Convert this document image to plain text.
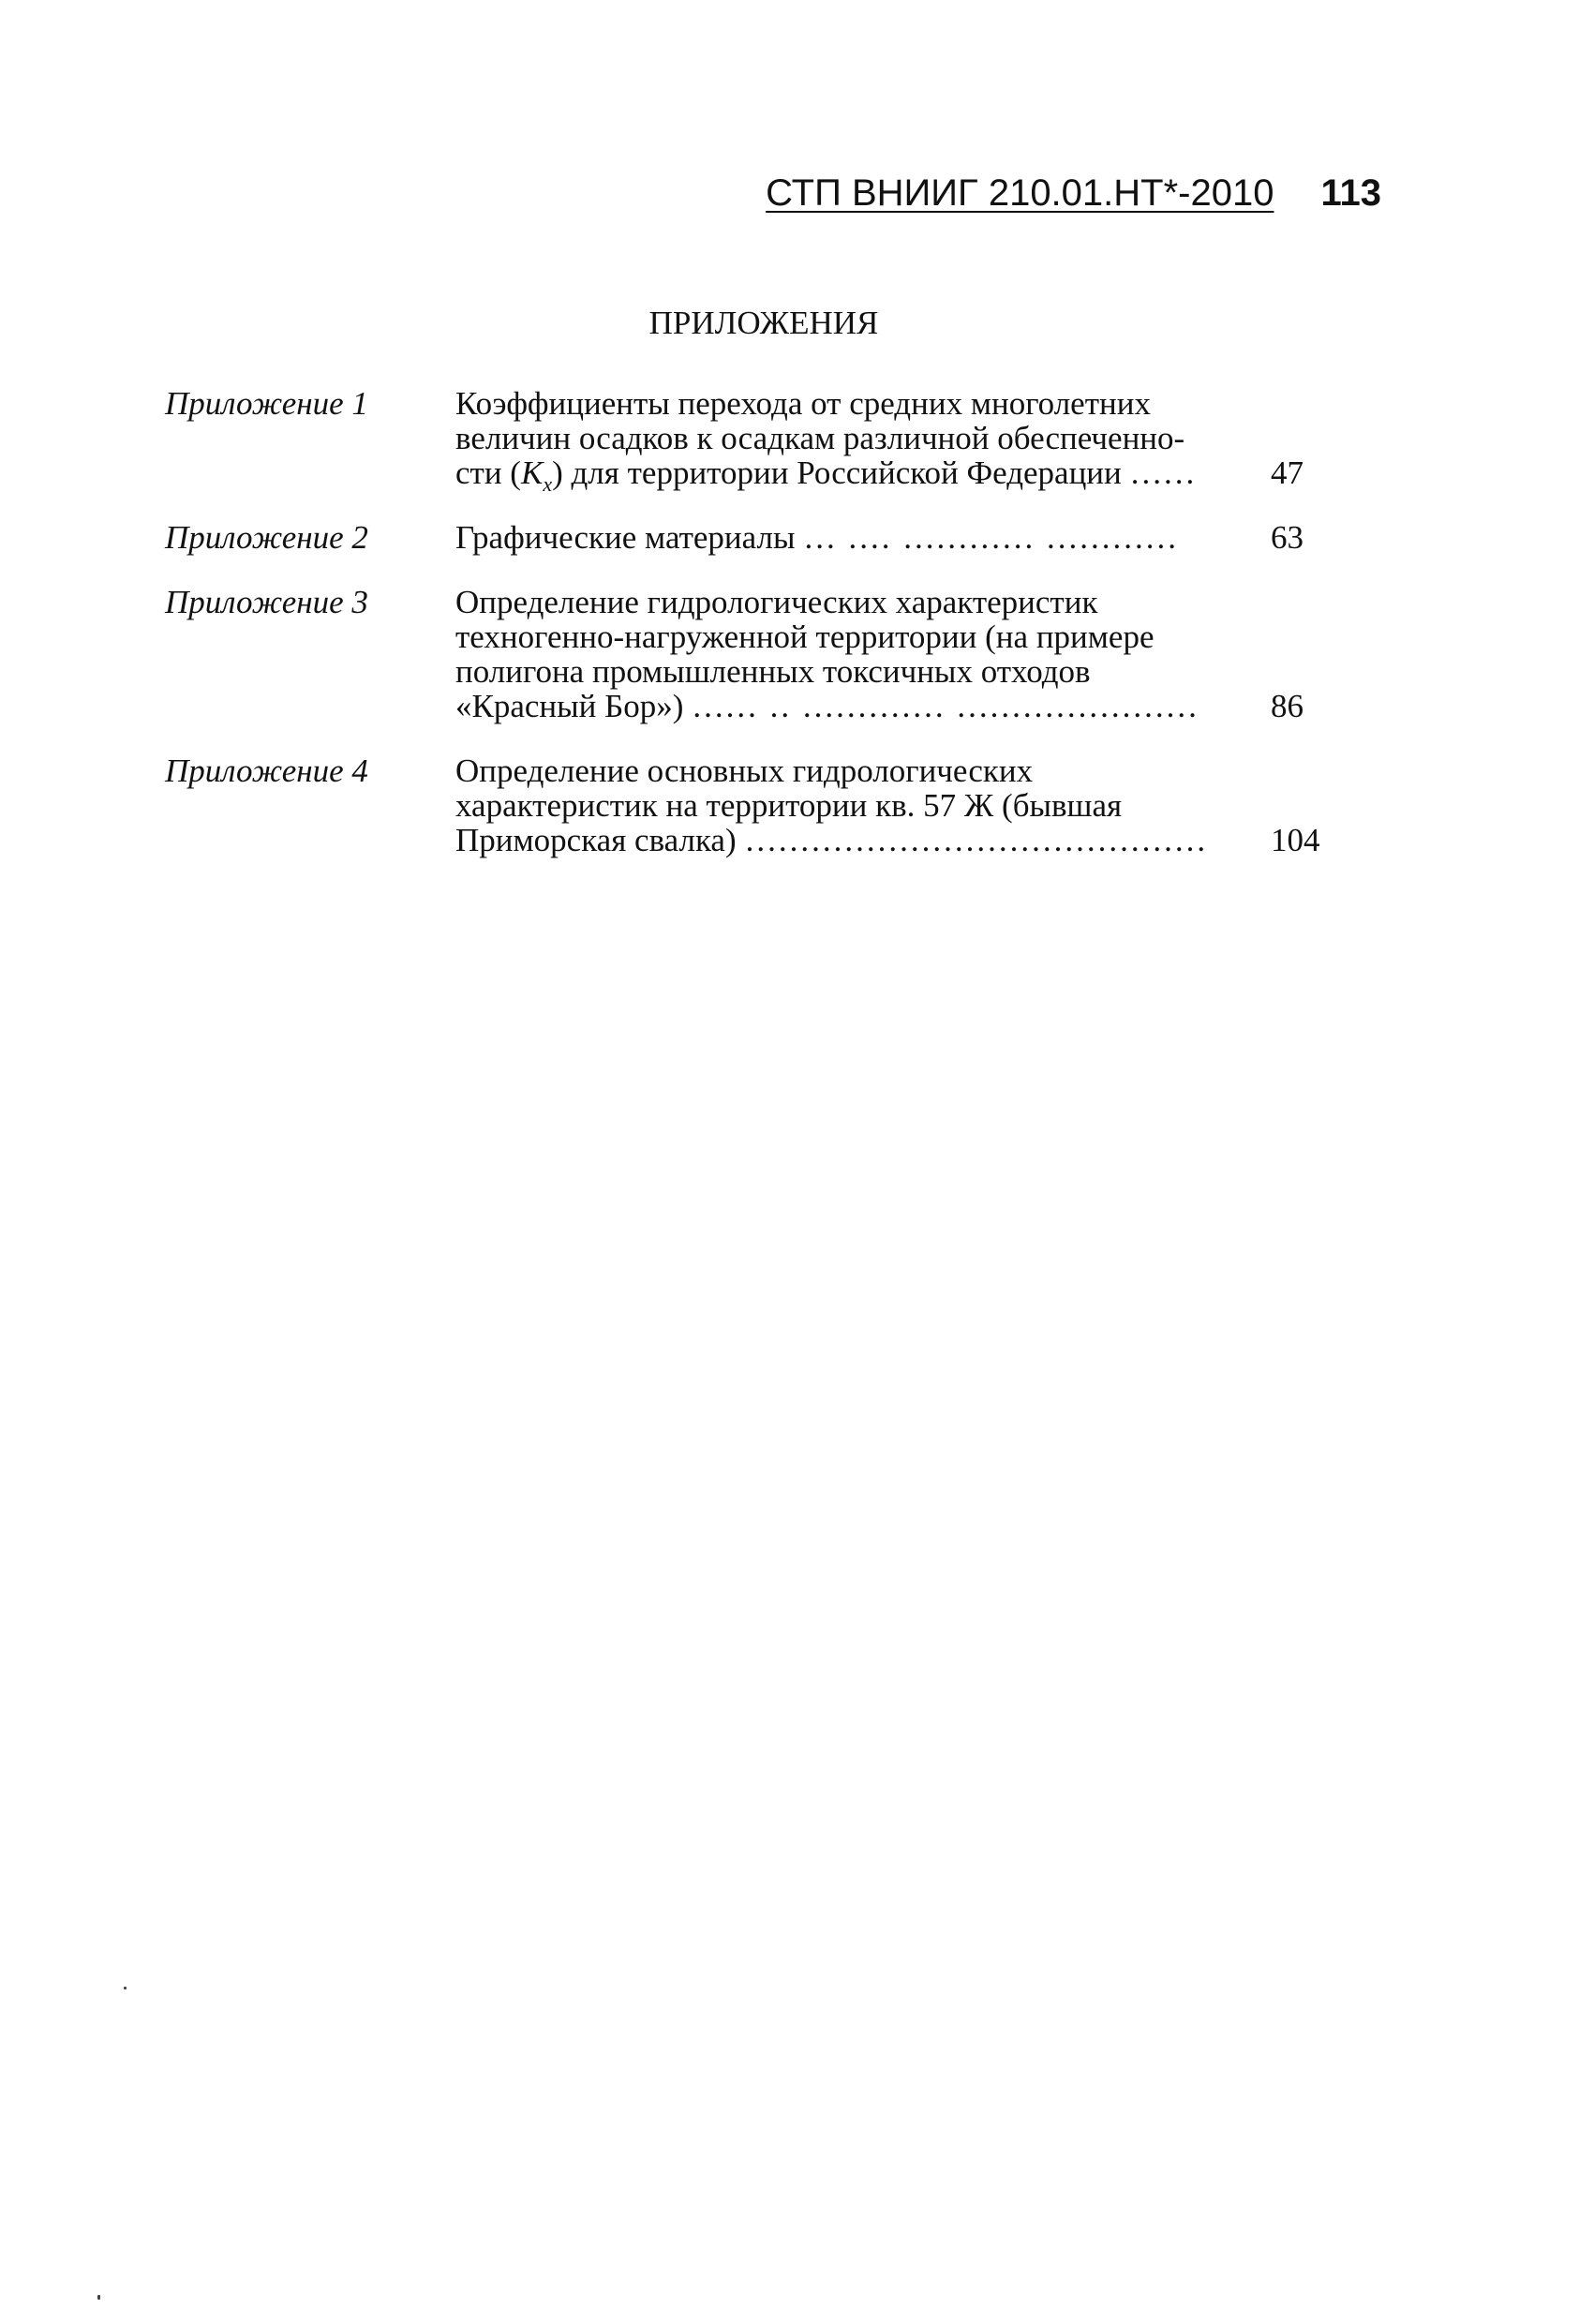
СТП ВНИИГ 210.01.НТ*-2010 113
ПРИЛОЖЕНИЯ
Приложение 1	Коэффициенты перехода от средних многолетних
величин осадков к осадкам различной обеспеченно-
сти $(K_x)$ для территории Российской Федерации ......	47
Приложение 2	Графические материалы ... .... ............ ............	63
Приложение 3	Определение гидрологических характеристик
техногенно-нагруженной территории (на примере
полигона промышленных токсичных отходов
«Красный Бор») ...... .. ............. ......................	86
Приложение 4	Определение основных гидрологических
характеристик на территории кв. 57 Ж (бывшая
Приморская свалка) ..........................................	104
